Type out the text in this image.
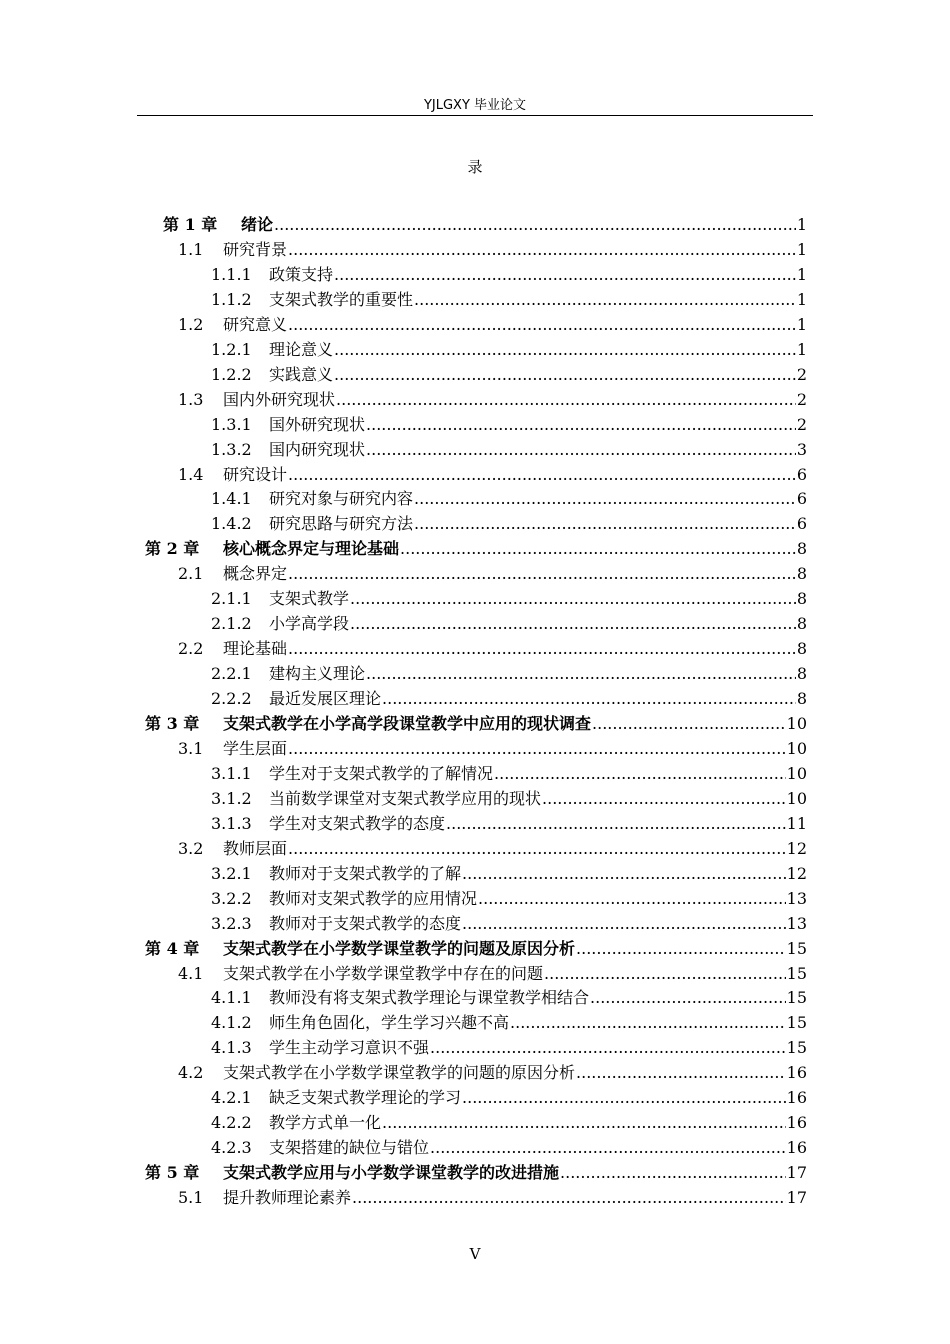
YJLGXY 毕业论文
录
第 1 章	绪论 .....	1
1.1	研究背景 .....	1
1.1.1	政策支持 .....	1
1.1.2	支架式教学的重要性 .....	1
1.2	研究意义 .....	1
1.2.1	理论意义 .....	1
1.2.2	实践意义 .....	2
1.3	国内外研究现状 .....	2
1.3.1	国外研究现状 .....	2
1.3.2	国内研究现状 .....	3
1.4	研究设计 .....	6
1.4.1	研究对象与研究内容 .....	6
1.4.2	研究思路与研究方法 .....	6
第 2 章	核心概念界定与理论基础 .....	8
2.1	概念界定 .....	8
2.1.1	支架式教学 .....	8
2.1.2	小学高学段 .....	8
2.2	理论基础 .....	8
2.2.1	建构主义理论 .....	8
2.2.2	最近发展区理论 .....	8
第 3 章	支架式教学在小学高学段课堂教学中应用的现状调查 .....	10
3.1	学生层面 .....	10
3.1.1	学生对于支架式教学的了解情况 .....	10
3.1.2	当前数学课堂对支架式教学应用的现状 .....	10
3.1.3	学生对支架式教学的态度 .....	11
3.2	教师层面 .....	12
3.2.1	教师对于支架式教学的了解 .....	12
3.2.2	教师对支架式教学的应用情况 .....	13
3.2.3	教师对于支架式教学的态度 .....	13
第 4 章	支架式教学在小学数学课堂教学的问题及原因分析 .....	15
4.1	支架式教学在小学数学课堂教学中存在的问题 .....	15
4.1.1	教师没有将支架式教学理论与课堂教学相结合 .....	15
4.1.2	师生角色固化，学生学习兴趣不高 .....	15
4.1.3	学生主动学习意识不强 .....	15
4.2	支架式教学在小学数学课堂教学的问题的原因分析 .....	16
4.2.1	缺乏支架式教学理论的学习 .....	16
4.2.2	教学方式单一化 .....	16
4.2.3	支架搭建的缺位与错位 .....	16
第 5 章	支架式教学应用与小学数学课堂教学的改进措施 .....	17
5.1	提升教师理论素养 .....	17
V
